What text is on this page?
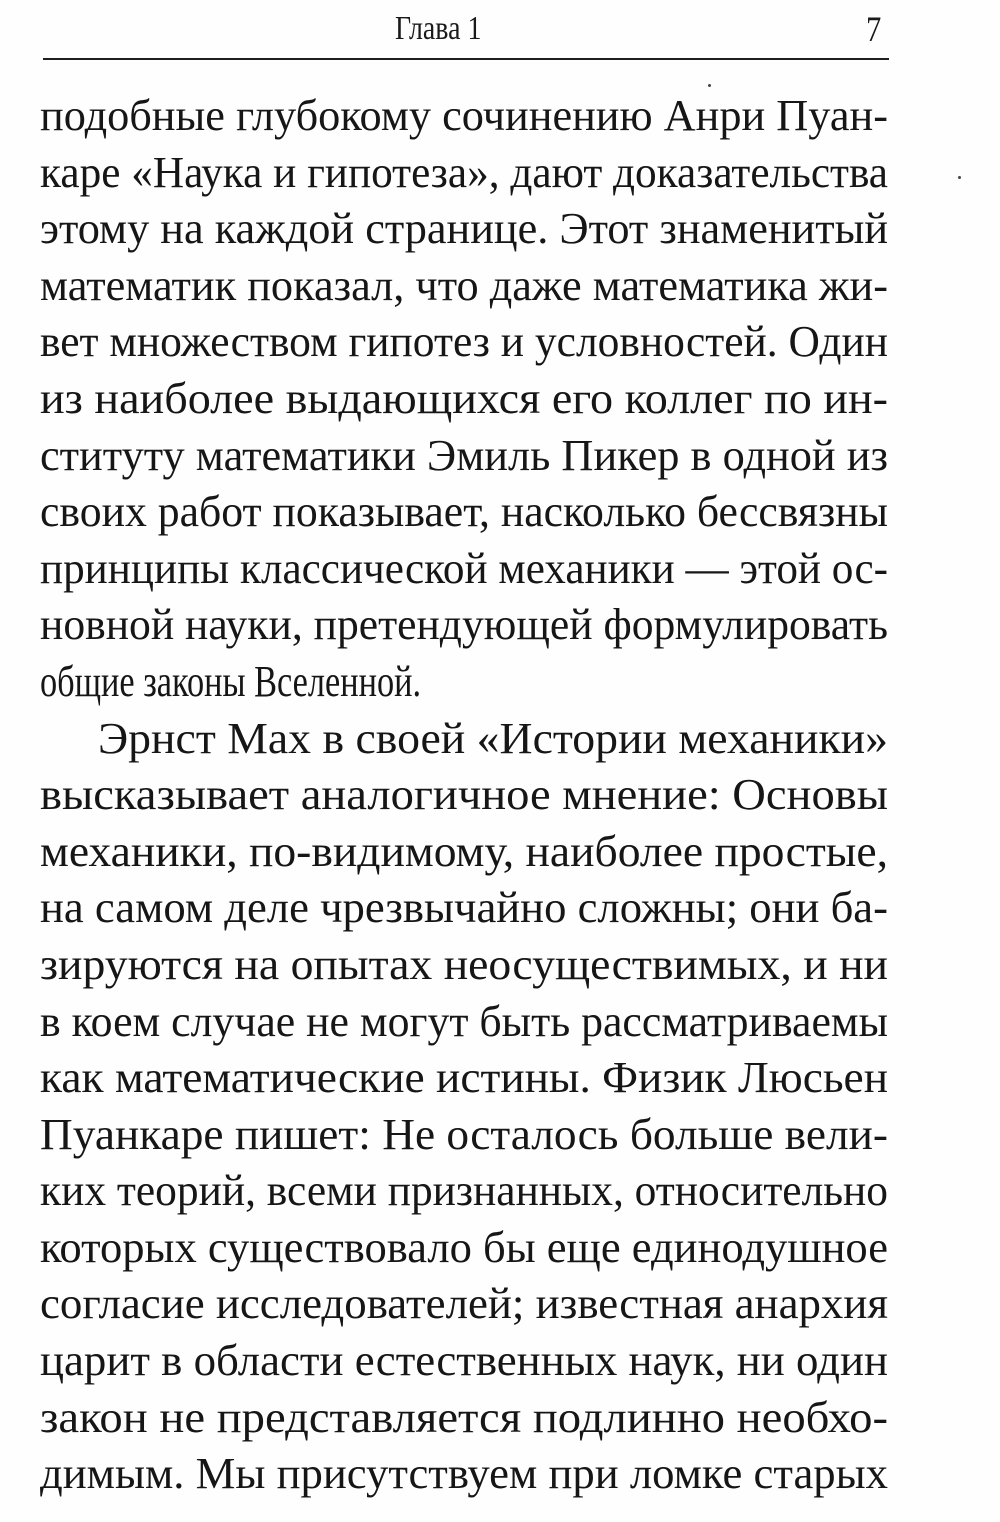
Глава 1	7
подобные глубокому сочинению Анри Пуан-
каре «Наука и гипотеза», дают доказательства
этому на каждой странице. Этот знаменитый
математик показал, что даже математика жи-
вет множеством гипотез и условностей. Один
из наиболее выдающихся его коллег по ин-
ституту математики Эмиль Пикер в одной из
своих работ показывает, насколько бессвязны
принципы классической механики — этой ос-
новной науки, претендующей формулировать
общие законы Вселенной.
Эрнст Мах в своей «Истории механики»
высказывает аналогичное мнение: Основы
механики, по-видимому, наиболее простые,
на самом деле чрезвычайно сложны; они ба-
зируются на опытах неосуществимых, и ни
в коем случае не могут быть рассматриваемы
как математические истины. Физик Люсьен
Пуанкаре пишет: Не осталось больше вели-
ких теорий, всеми признанных, относительно
которых существовало бы еще единодушное
согласие исследователей; известная анархия
царит в области естественных наук, ни один
закон не представляется подлинно необхо-
димым. Мы присутствуем при ломке старых
